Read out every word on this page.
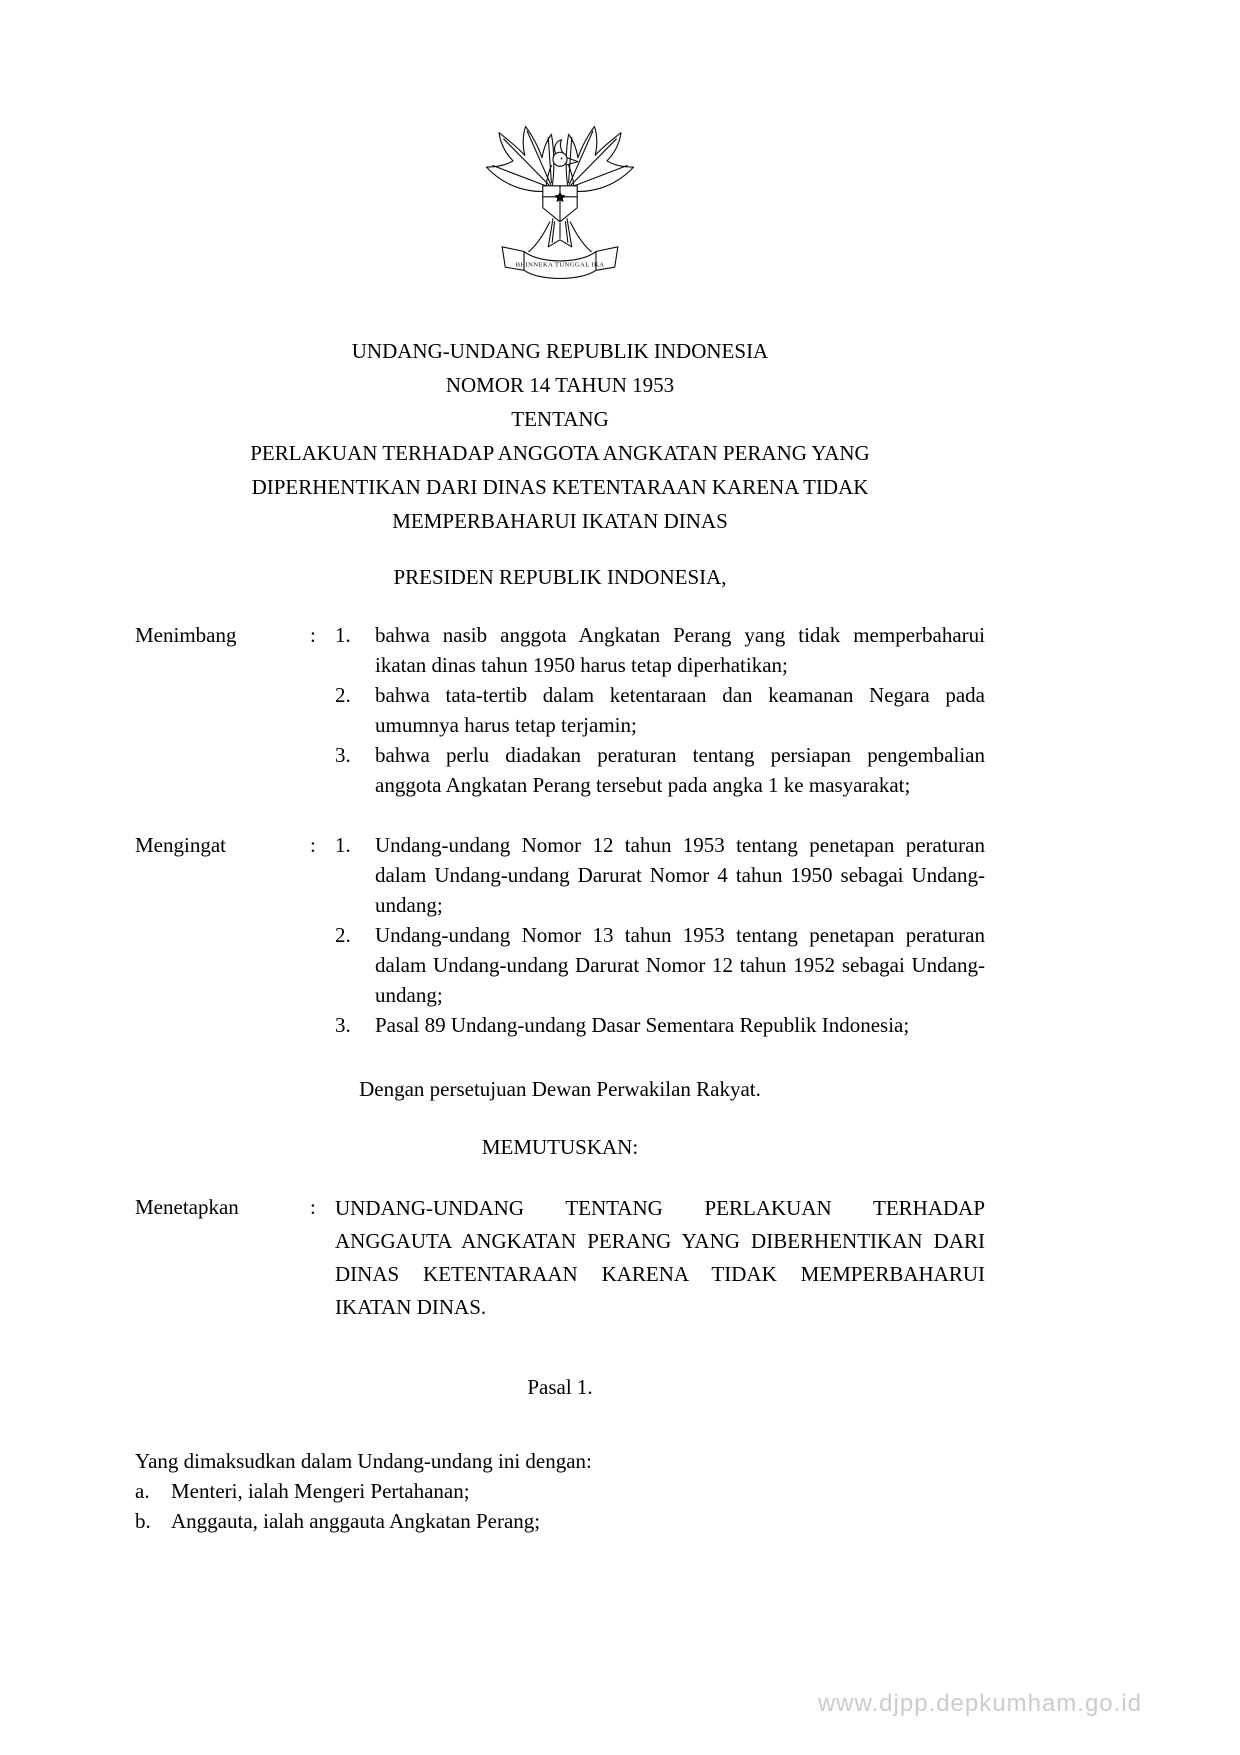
BHINNEKA TUNGGAL IKA
UNDANG-UNDANG REPUBLIK INDONESIA
NOMOR 14 TAHUN 1953
TENTANG
PERLAKUAN TERHADAP ANGGOTA ANGKATAN PERANG YANG DIPERHENTIKAN DARI DINAS KETENTARAAN KARENA TIDAK MEMPERBAHARUI IKATAN DINAS
PRESIDEN REPUBLIK INDONESIA,
Menimbang	: 1.	bahwa nasib anggota Angkatan Perang yang tidak memperbaharui ikatan dinas tahun 1950 harus tetap diperhatikan;
2.	bahwa tata-tertib dalam ketentaraan dan keamanan Negara pada umumnya harus tetap terjamin;
3.	bahwa perlu diadakan peraturan tentang persiapan pengembalian anggota Angkatan Perang tersebut pada angka 1 ke masyarakat;
Mengingat	: 1.	Undang-undang Nomor 12 tahun 1953 tentang penetapan peraturan dalam Undang-undang Darurat Nomor 4 tahun 1950 sebagai Undang-undang;
2.	Undang-undang Nomor 13 tahun 1953 tentang penetapan peraturan dalam Undang-undang Darurat Nomor 12 tahun 1952 sebagai Undang-undang;
3.	Pasal 89 Undang-undang Dasar Sementara Republik Indonesia;
Dengan persetujuan Dewan Perwakilan Rakyat.
MEMUTUSKAN:
Menetapkan	: UNDANG-UNDANG TENTANG PERLAKUAN TERHADAP ANGGAUTA ANGKATAN PERANG YANG DIBERHENTIKAN DARI DINAS KETENTARAAN KARENA TIDAK MEMPERBAHARUI IKATAN DINAS.
Pasal 1.
Yang dimaksudkan dalam Undang-undang ini dengan:
a.	Menteri, ialah Mengeri Pertahanan;
b. Anggauta, ialah anggauta Angkatan Perang;
www.djpp.depkumham.go.id
